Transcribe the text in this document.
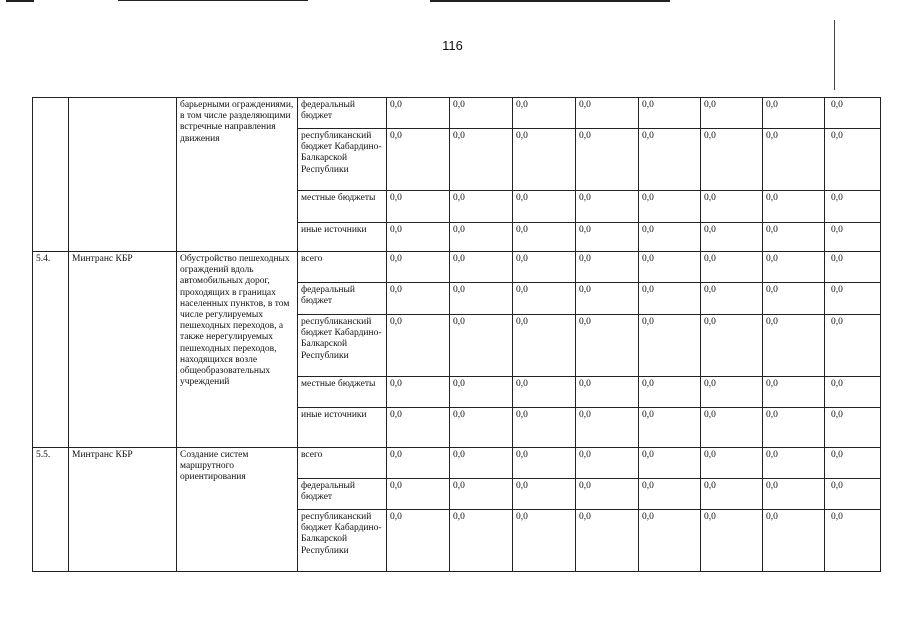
116
		барьерными ограждениями, в том числе разделяющими встречные направления движения	федеральный бюджет	0,0	0,0	0,0	0,0	0,0	0,0	0,0	0,0
			республиканский бюджет Кабардино-Балкарской Республики	0,0	0,0	0,0	0,0	0,0	0,0	0,0	0,0
			местные бюджеты	0,0	0,0	0,0	0,0	0,0	0,0	0,0	0,0
			иные источники	0,0	0,0	0,0	0,0	0,0	0,0	0,0	0,0
5.4.	Минтранс КБР	Обустройство пешеходных ограждений вдоль автомобильных дорог, проходящих в границах населенных пунктов, в том числе регулируемых пешеходных переходов, а также нерегулируемых пешеходных переходов, находящихся возле общеобразовательных учреждений	всего	0,0	0,0	0,0	0,0	0,0	0,0	0,0	0,0
			федеральный бюджет	0,0	0,0	0,0	0,0	0,0	0,0	0,0	0,0
			республиканский бюджет Кабардино-Балкарской Республики	0,0	0,0	0,0	0,0	0,0	0,0	0,0	0,0
			местные бюджеты	0,0	0,0	0,0	0,0	0,0	0,0	0,0	0,0
			иные источники	0,0	0,0	0,0	0,0	0,0	0,0	0,0	0,0
5.5.	Минтранс КБР	Создание систем маршрутного ориентирования	всего	0,0	0,0	0,0	0,0	0,0	0,0	0,0	0,0
			федеральный бюджет	0,0	0,0	0,0	0,0	0,0	0,0	0,0	0,0
			республиканский бюджет Кабардино-Балкарской Республики	0,0	0,0	0,0	0,0	0,0	0,0	0,0	0,0
